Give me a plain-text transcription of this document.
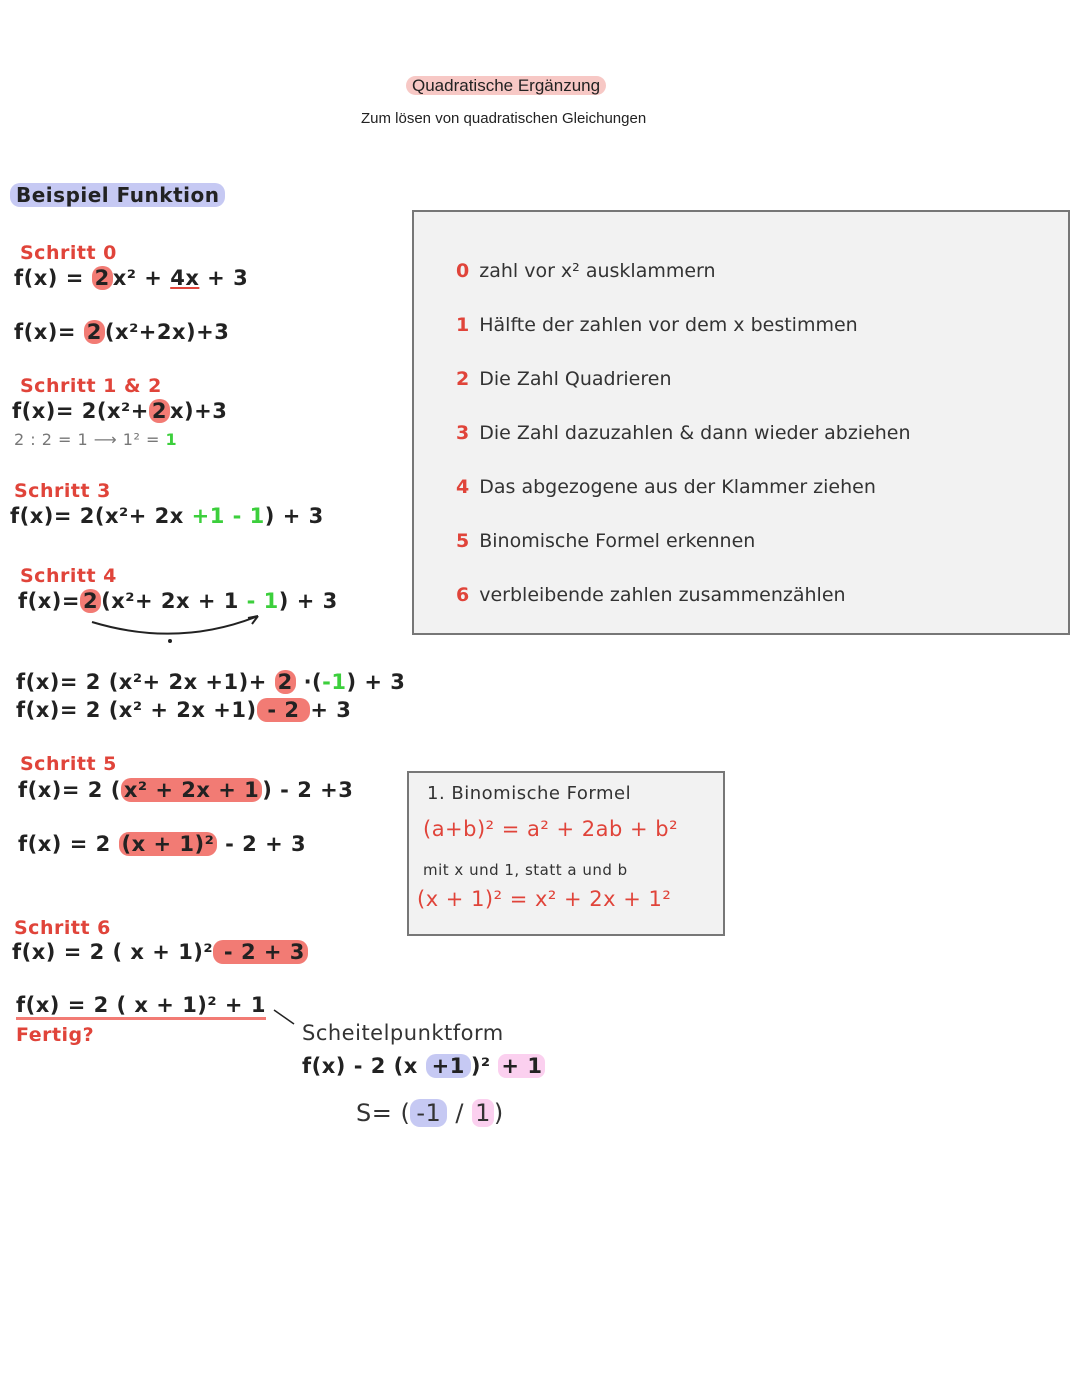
Quadratische Ergänzung
Zum lösen von quadratischen Gleichungen
Beispiel Funktion
Schritt 0
f(x) = 2 x² + 4x + 3
f(x)= 2 (x²+2x)+3
Schritt 1 & 2
f(x)= 2(x²+ 2 x)+3
2 : 2 = 1 ⟶ 1² = 1
Schritt 3
f(x)= 2(x²+ 2x +1 - 1) + 3
Schritt 4
f(x)= 2 (x²+ 2x + 1 - 1) + 3
f(x)= 2 (x²+ 2x +1)+ 2 ·(-1) + 3
f(x)= 2 (x² + 2x +1) - 2 + 3
Schritt 5
f(x)= 2 ( x² + 2x + 1 ) - 2 +3
f(x) = 2 (x + 1)² - 2 + 3
Schritt 6
f(x) = 2 ( x + 1)² - 2 + 3
f(x) = 2 ( x + 1)² + 1
Fertig?
0 zahl vor x² ausklammern
1 Hälfte der zahlen vor dem x bestimmen
2 Die Zahl Quadrieren
3 Die Zahl dazuzahlen & dann wieder abziehen
4 Das abgezogene aus der Klammer ziehen
5 Binomische Formel erkennen
6 verbleibende zahlen zusammenzählen
1. Binomische Formel
(a+b)² = a² + 2ab + b²
mit x und 1, statt a und b
(x + 1)² = x² + 2x + 1²
Scheitelpunktform
f(x) - 2 (x +1 )² + 1
S= ( -1 / 1 )
